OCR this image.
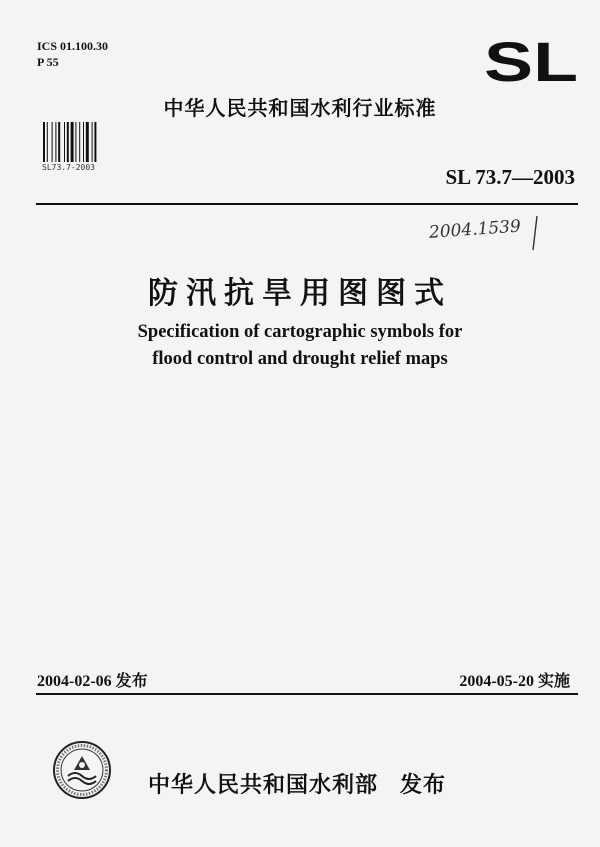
ICS 01.100.30
P 55	SL
中华人民共和国水利行业标准
SL73.7-2003	SL 73.7—2003
2004.1539
防汛抗旱用图图式
Specification of cartographic symbols for
flood control and drought relief maps
2004-02-06 发布	2004-05-20 实施
中华人民共和国水利部 发布
